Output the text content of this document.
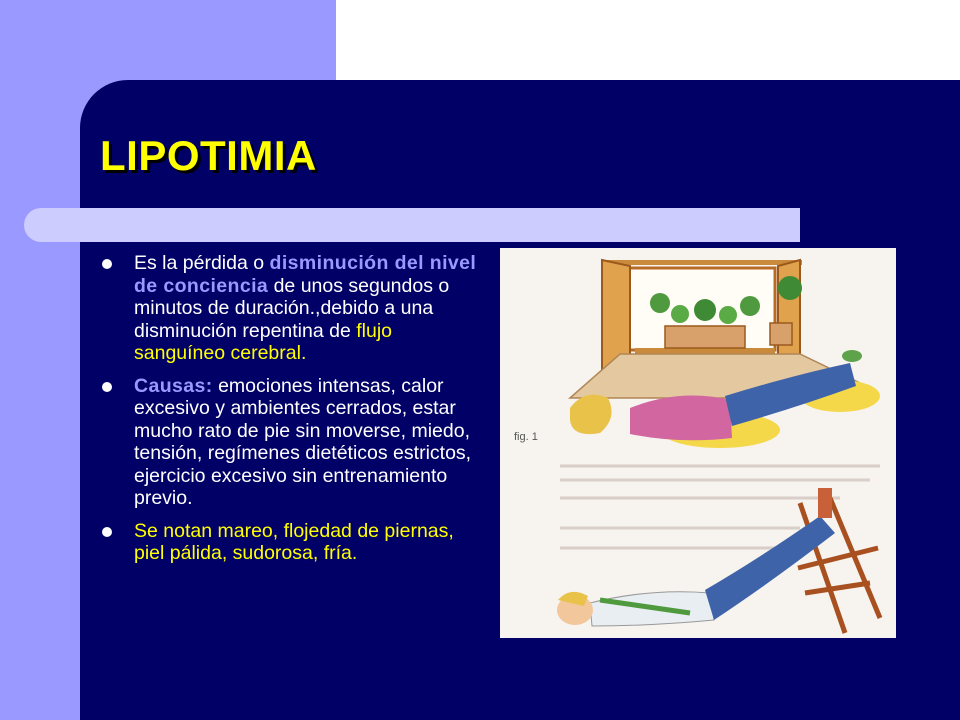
LIPOTIMIA
Es la pérdida o disminución del nivel de conciencia de unos segundos o minutos de duración.,debido a una disminución repentina de flujo sanguíneo cerebral.
Causas: emociones intensas, calor excesivo y ambientes cerrados, estar mucho rato de pie sin moverse, miedo, tensión, regímenes dietéticos estrictos, ejercicio excesivo sin entrenamiento previo.
Se notan mareo, flojedad de piernas, piel pálida, sudorosa, fría.
fig. 1
